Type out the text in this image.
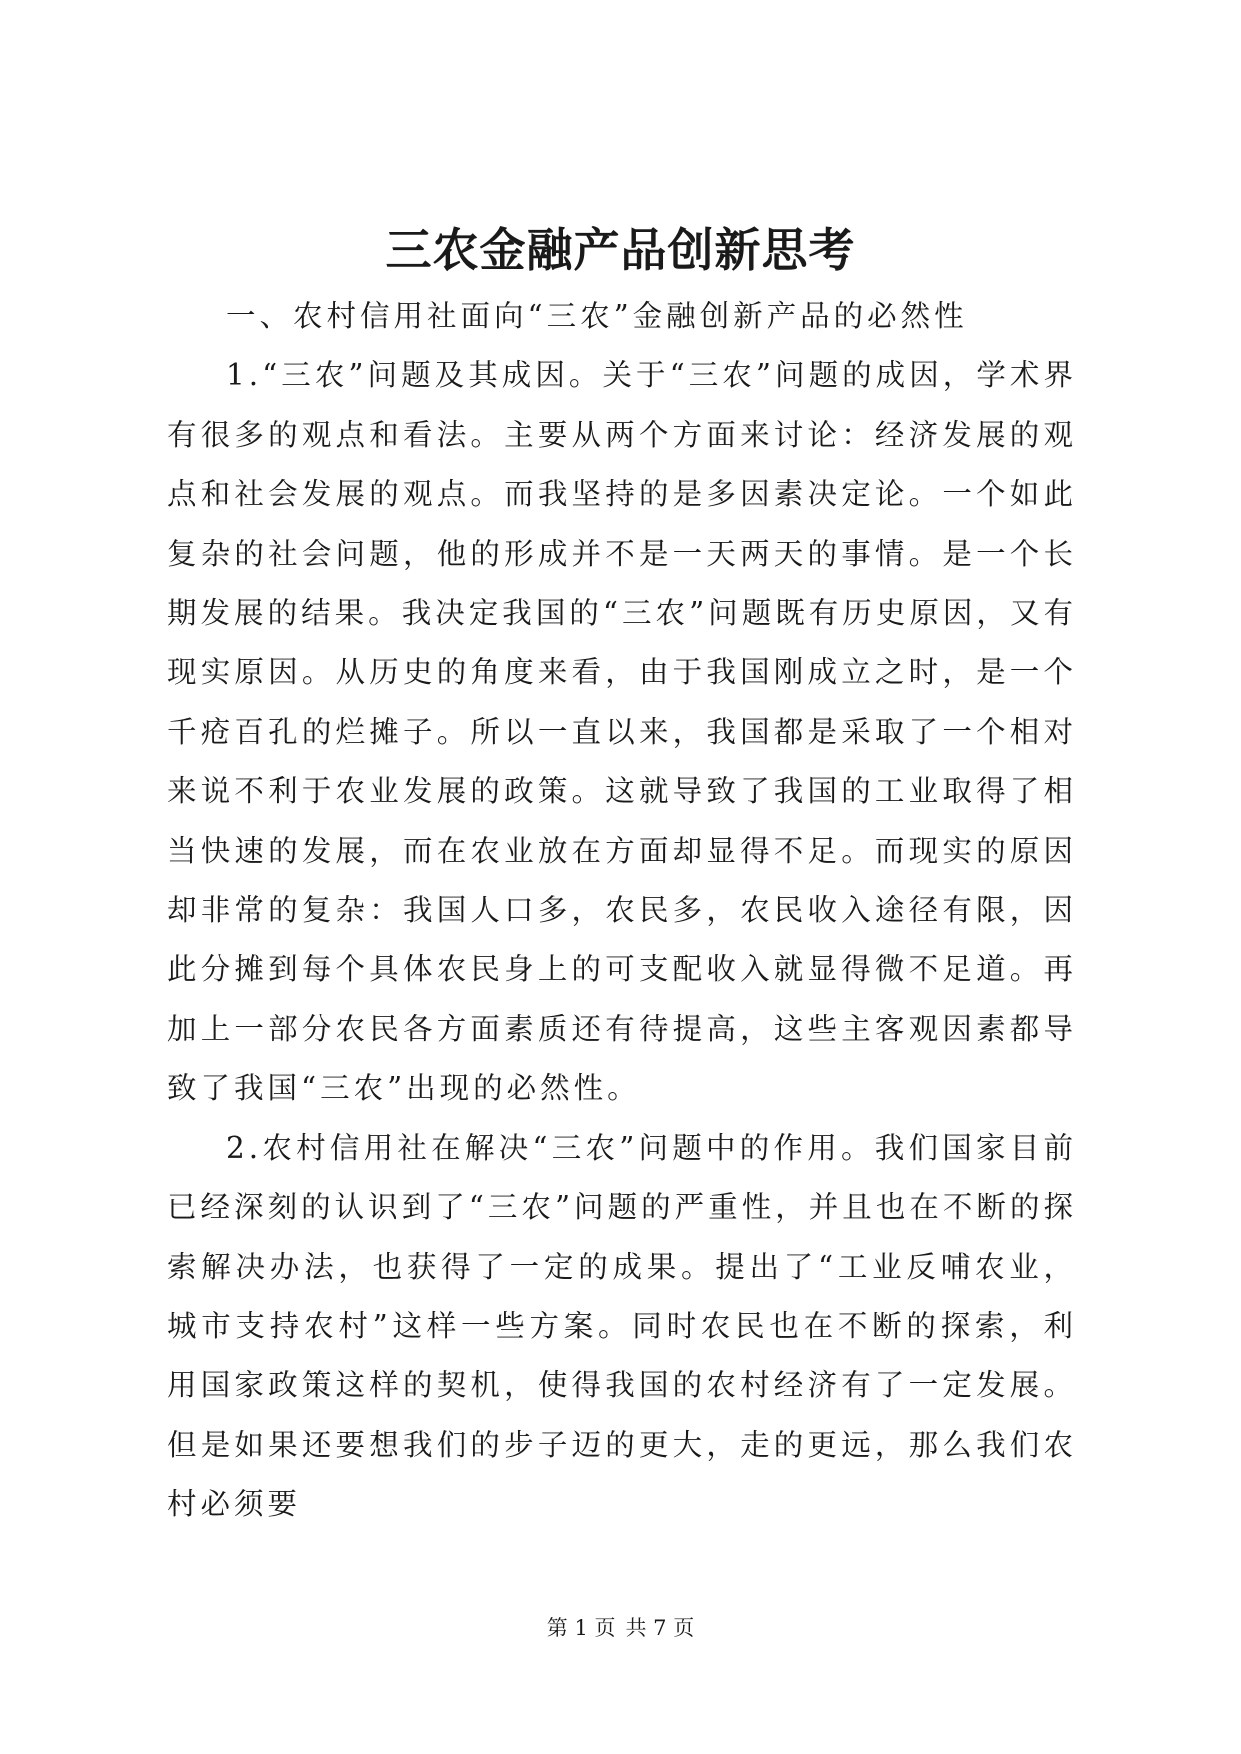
三农金融产品创新思考

一、农村信用社面向“三农”金融创新产品的必然性

1.“三农”问题及其成因。关于“三农”问题的成因，学术界有很多的观点和看法。主要从两个方面来讨论：经济发展的观点和社会发展的观点。而我坚持的是多因素决定论。一个如此复杂的社会问题，他的形成并不是一天两天的事情。是一个长期发展的结果。我决定我国的“三农”问题既有历史原因，又有现实原因。从历史的角度来看，由于我国刚成立之时，是一个千疮百孔的烂摊子。所以一直以来，我国都是采取了一个相对来说不利于农业发展的政策。这就导致了我国的工业取得了相当快速的发展，而在农业放在方面却显得不足。而现实的原因却非常的复杂：我国人口多，农民多，农民收入途径有限，因此分摊到每个具体农民身上的可支配收入就显得微不足道。再加上一部分农民各方面素质还有待提高，这些主客观因素都导致了我国“三农”出现的必然性。

2.农村信用社在解决“三农”问题中的作用。我们国家目前已经深刻的认识到了“三农”问题的严重性，并且也在不断的探索解决办法，也获得了一定的成果。提出了“工业反哺农业，城市支持农村”这样一些方案。同时农民也在不断的探索，利用国家政策这样的契机，使得我国的农村经济有了一定发展。但是如果还要想我们的步子迈的更大，走的更远，那么我们农村必须要

第 1 页 共 7 页
